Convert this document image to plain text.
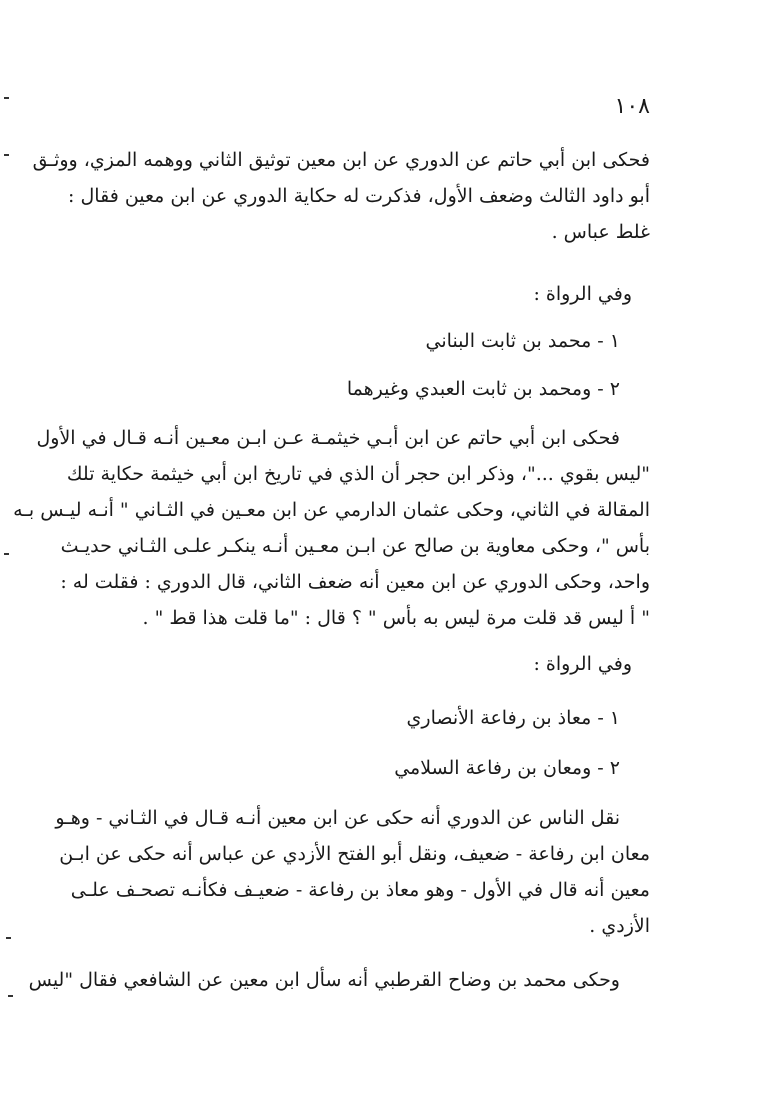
١٠٨
فحكى ابن أبي حاتم عن الدوري عن ابن معين توثيق الثاني ووهمه المزي، ووثـق
أبو داود الثالث وضعف الأول، فذكرت له حكاية الدوري عن ابن معين فقال :
غلط عباس .
وفي الرواة :
١ - محمد بن ثابت البناني
٢ - ومحمد بن ثابت العبدي وغيرهما
فحكى ابن أبي حاتم عن ابن أبـي خيثمـة عـن ابـن معـين أنـه قـال في الأول
"ليس بقوي ..."، وذكر ابن حجر أن الذي في تاريخ ابن أبي خيثمة حكاية تلك
المقالة في الثاني، وحكى عثمان الدارمي عن ابن معـين في الثـاني " أنـه ليـس بـه
بأس "، وحكى معاوية بن صالح عن ابـن معـين أنـه ينكـر علـى الثـاني حديـث
واحد، وحكى الدوري عن ابن معين أنه ضعف الثاني، قال الدوري : فقلت له :
" أ ليس قد قلت مرة ليس به بأس " ؟ قال : "ما قلت هذا قط " .
وفي الرواة :
١ - معاذ بن رفاعة الأنصاري
٢ - ومعان بن رفاعة السلامي
نقل الناس عن الدوري أنه حكى عن ابن معين أنـه قـال في الثـاني - وهـو
معان ابن رفاعة - ضعيف، ونقل أبو الفتح الأزدي عن عباس أنه حكى عن ابـن
معين أنه قال في الأول - وهو معاذ بن رفاعة - ضعيـف فكأنـه تصحـف علـى
الأزدي .
وحكى محمد بن وضاح القرطبي أنه سأل ابن معين عن الشافعي فقال "ليس
